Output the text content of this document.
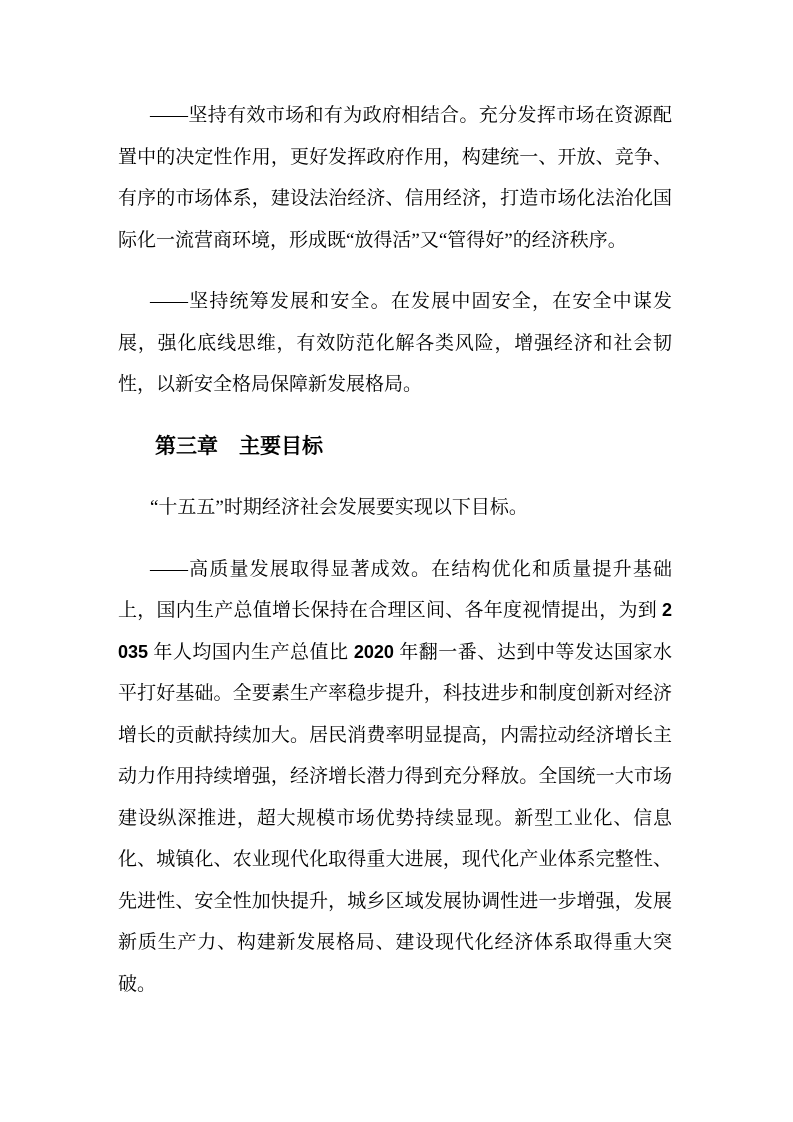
——坚持有效市场和有为政府相结合。充分发挥市场在资源配置中的决定性作用，更好发挥政府作用，构建统一、开放、竞争、有序的市场体系，建设法治经济、信用经济，打造市场化法治化国际化一流营商环境，形成既“放得活”又“管得好”的经济秩序。

——坚持统筹发展和安全。在发展中固安全，在安全中谋发展，强化底线思维，有效防范化解各类风险，增强经济和社会韧性，以新安全格局保障新发展格局。

第三章　主要目标

“十五五”时期经济社会发展要实现以下目标。

——高质量发展取得显著成效。在结构优化和质量提升基础上，国内生产总值增长保持在合理区间、各年度视情提出，为到 2035 年人均国内生产总值比 2020 年翻一番、达到中等发达国家水平打好基础。全要素生产率稳步提升，科技进步和制度创新对经济增长的贡献持续加大。居民消费率明显提高，内需拉动经济增长主动力作用持续增强，经济增长潜力得到充分释放。全国统一大市场建设纵深推进，超大规模市场优势持续显现。新型工业化、信息化、城镇化、农业现代化取得重大进展，现代化产业体系完整性、先进性、安全性加快提升，城乡区域发展协调性进一步增强，发展新质生产力、构建新发展格局、建设现代化经济体系取得重大突破。
